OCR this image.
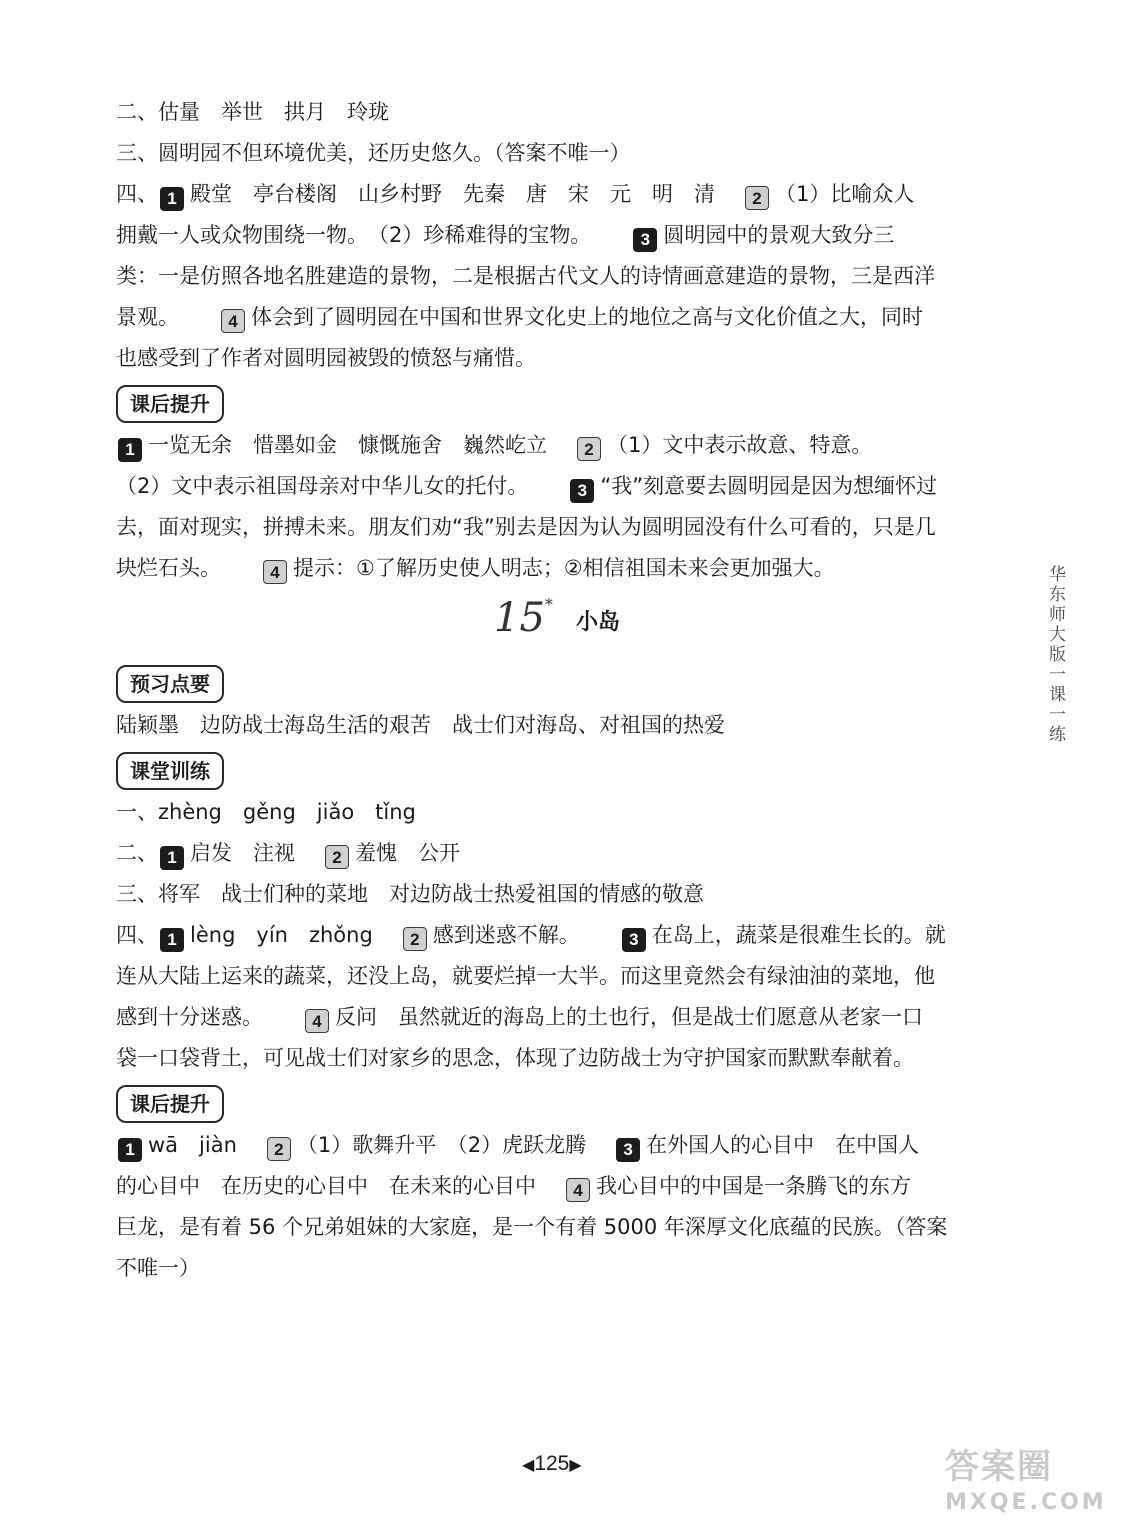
二、估量　举世　拱月　玲珑
三、圆明园不但环境优美，还历史悠久。（答案不唯一）
四、 1 殿堂　亭台楼阁　山乡村野　先秦　唐　宋　元　明　清 2 （1）比喻众人
拥戴一人或众物围绕一物。　（2）珍稀难得的宝物。	3 圆明园中的景观大致分三
类：一是仿照各地名胜建造的景物，二是根据古代文人的诗情画意建造的景物，三是西洋
景观。	4 体会到了圆明园在中国和世界文化史上的地位之高与文化价值之大，同时
也感受到了作者对圆明园被毁的愤怒与痛惜。
课后提升
1 一览无余　惜墨如金　慷慨施舍　巍然屹立 2 （1）文中表示故意、特意。
（2）文中表示祖国母亲对中华儿女的托付。	3 “我”刻意要去圆明园是因为想缅怀过
去，面对现实，拼搏未来。朋友们劝“我”别去是因为认为圆明园没有什么可看的，只是几
块烂石头。	4 提示：①了解历史使人明志；②相信祖国未来会更加强大。
15*
小岛
预习点要
陆颖墨　边防战士海岛生活的艰苦　战士们对海岛、对祖国的热爱
课堂训练
一、zhèng　gěng　jiǎo　tǐng
二、 1 启发　注视 2 羞愧　公开
三、将军　战士们种的菜地　对边防战士热爱祖国的情感的敬意
四、 1 lèng　yín　zhǒng 2 感到迷惑不解。	3 在岛上，蔬菜是很难生长的。就
连从大陆上运来的蔬菜，还没上岛，就要烂掉一大半。而这里竟然会有绿油油的菜地，他
感到十分迷惑。	4 反问　虽然就近的海岛上的土也行，但是战士们愿意从老家一口
袋一口袋背土，可见战士们对家乡的思念，体现了边防战士为守护国家而默默奉献着。
课后提升
1 wā　jiàn 2 （1）歌舞升平　（2）虎跃龙腾 3 在外国人的心目中　在中国人
的心目中　在历史的心目中　在未来的心目中 4 我心目中的中国是一条腾飞的东方
巨龙，是有着 56 个兄弟姐妹的大家庭，是一个有着 5000 年深厚文化底蕴的民族。（答案
不唯一）
华东师大版一课一练
◀125▶	答案圈
MXQE.COM
